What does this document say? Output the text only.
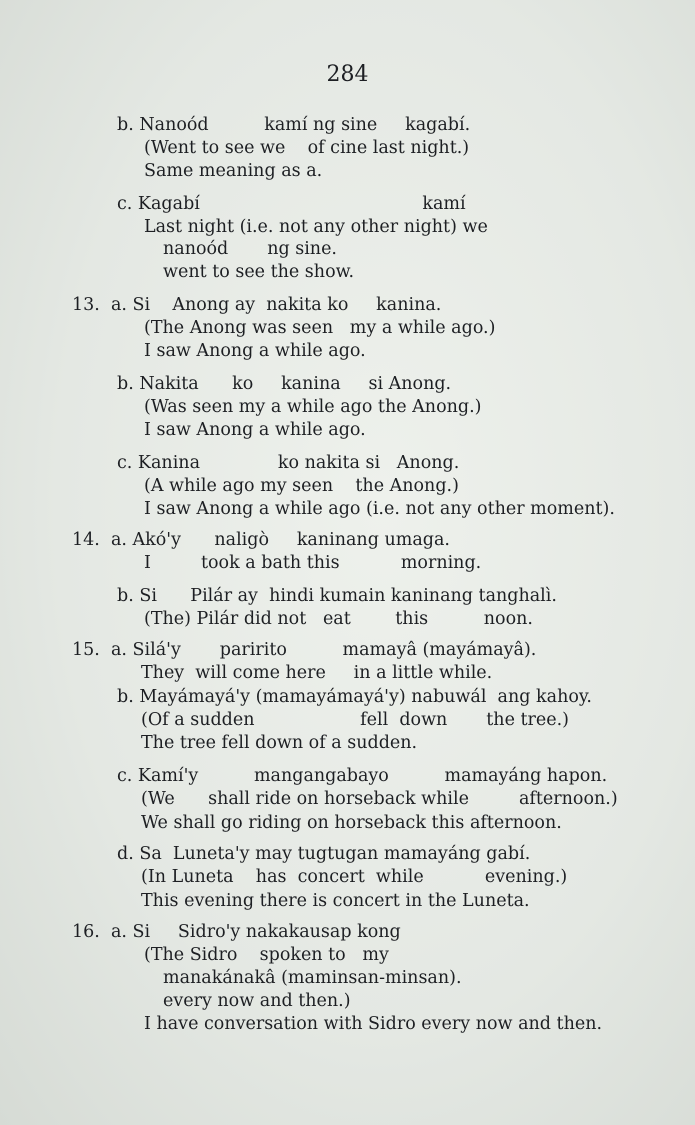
284
b. Nanoód          kamí ng sine     kagabí.
(Went to see we    of cine last night.)
Same meaning as a.
c. Kagabí                                        kamí
Last night (i.e. not any other night) we
nanoód       ng sine.
went to see the show.
13.  a. Si    Anong ay  nakita ko     kanina.
(The Anong was seen   my a while ago.)
I saw Anong a while ago.
b. Nakita      ko     kanina     si Anong.
(Was seen my a while ago the Anong.)
I saw Anong a while ago.
c. Kanina              ko nakita si   Anong.
(A while ago my seen    the Anong.)
I saw Anong a while ago (i.e. not any other moment).
14.  a. Akó'y      naligò     kaninang umaga.
I         took a bath this           morning.
b. Si      Pilár ay  hindi kumain kaninang tanghalì.
(The) Pilár did not   eat        this          noon.
15.  a. Silá'y       paririto          mamayâ (mayámayâ).
They  will come here     in a little while.
b. Mayámayá'y (mamayámayá'y) nabuwál  ang kahoy.
(Of a sudden                   fell  down       the tree.)
The tree fell down of a sudden.
c. Kamí'y          mangangabayo          mamayáng hapon.
(We      shall ride on horseback while         afternoon.)
We shall go riding on horseback this afternoon.
d. Sa  Luneta'y may tugtugan mamayáng gabí.
(In Luneta    has  concert  while           evening.)
This evening there is concert in the Luneta.
16.  a. Si     Sidro'y nakakausap kong
(The Sidro    spoken to   my
manakánakâ (maminsan-minsan).
every now and then.)
I have conversation with Sidro every now and then.
